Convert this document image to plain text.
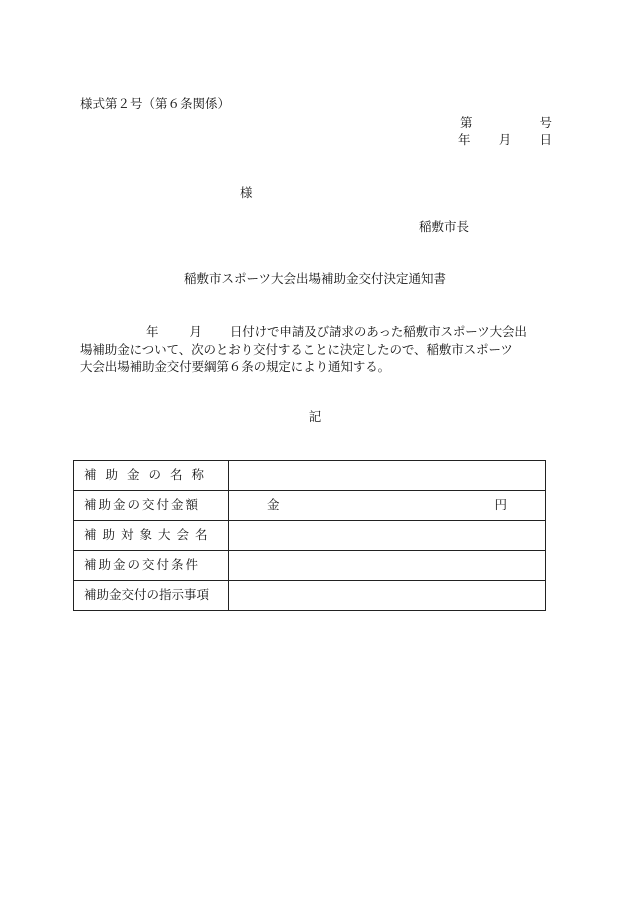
様式第２号（第６条関係）
第	号
年 月 日
様
稲敷市長
稲敷市スポーツ大会出場補助金交付決定通知書
年 月 日付けで申請及び請求のあった稲敷市スポーツ大会出
場補助金について、次のとおり交付することに決定したので、稲敷市スポーツ
大会出場補助金交付要綱第６条の規定により通知する。
記
補助金の名称	
補助金の交付金額	金 円

補助対象大会名	
補助金の交付条件	
補助金交付の指示事項	
